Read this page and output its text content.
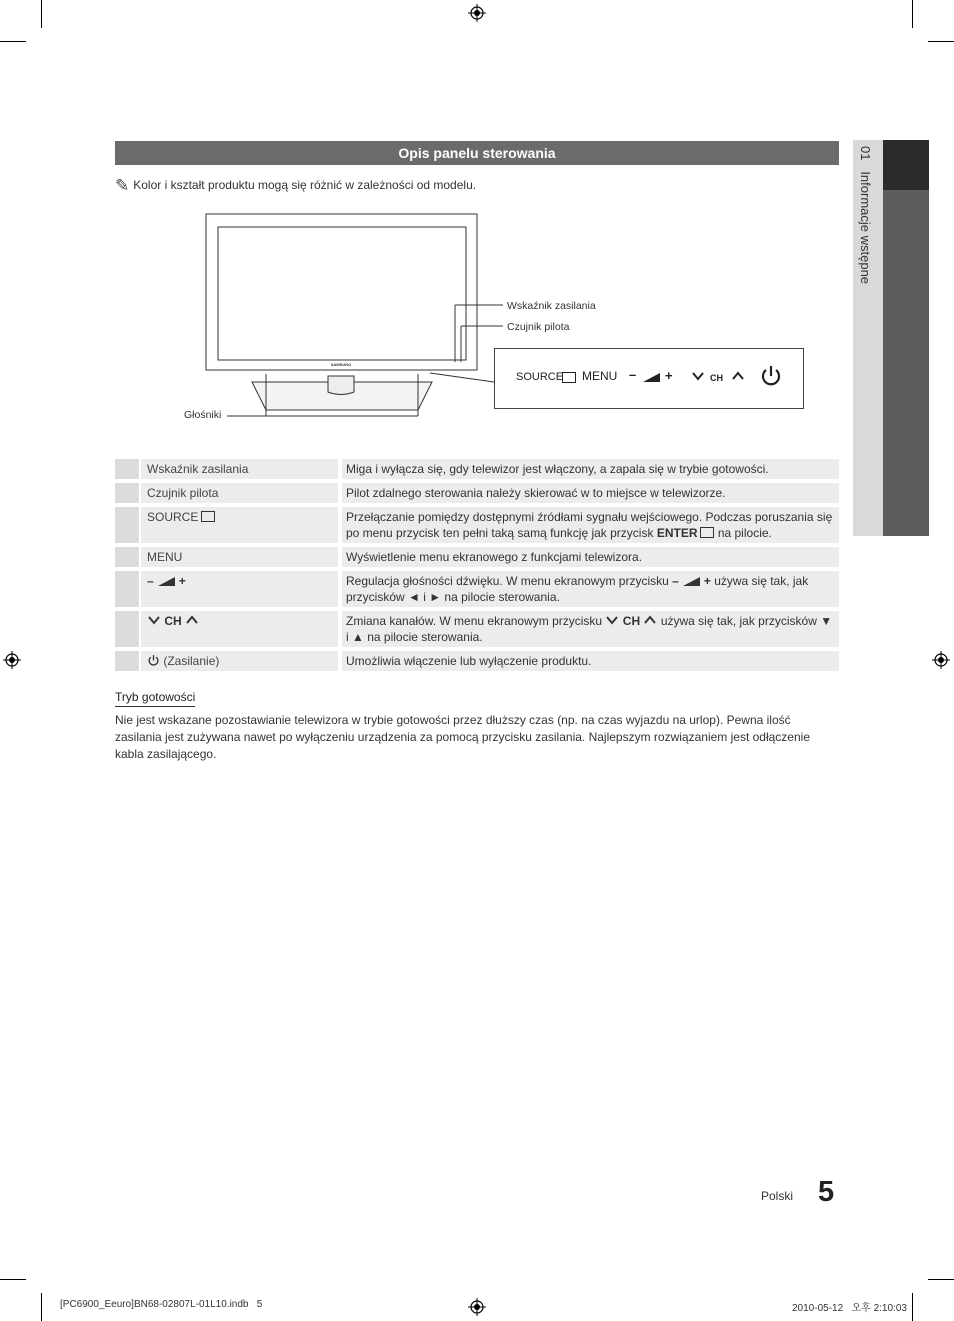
01   Informacje wstępne
Opis panelu sterowania
✎ Kolor i kształt produktu mogą się różnić w zależności od modelu.
SAMSUNG
Wskaźnik zasilania
Czujnik pilota
Głośniki
SOURCE MENU – +	CH
	Wskaźnik zasilania	Miga i wyłącza się, gdy telewizor jest włączony, a zapala się w trybie gotowości.
	Czujnik pilota	Pilot zdalnego sterowania należy skierować w to miejsce w telewizorze.
	SOURCE	Przełączanie pomiędzy dostępnymi źródłami sygnału wejściowego. Podczas poruszania się po menu przycisk ten pełni taką samą funkcję jak przycisk ENTER na pilocie.
	MENU	Wyświetlenie menu ekranowego z funkcjami telewizora.
	– +	Regulacja głośności dźwięku. W menu ekranowym przycisku – + używa się tak, jak przycisków ◄ i ► na pilocie sterowania.
	CH	Zmiana kanałów. W menu ekranowym przycisku CH używa się tak, jak przycisków ▼ i ▲ na pilocie sterowania.
	(Zasilanie)	Umożliwia włączenie lub wyłączenie produktu.
Tryb gotowości
Nie jest wskazane pozostawianie telewizora w trybie gotowości przez dłuższy czas (np. na czas wyjazdu na urlop). Pewna ilość zasilania jest zużywana nawet po wyłączeniu urządzenia za pomocą przycisku zasilania. Najlepszym rozwiązaniem jest odłączenie kabla zasilającego.
Polski 5
[PC6900_Eeuro]BN68-02807L-01L10.indb   5	2010-05-12   오후 2:10:03
